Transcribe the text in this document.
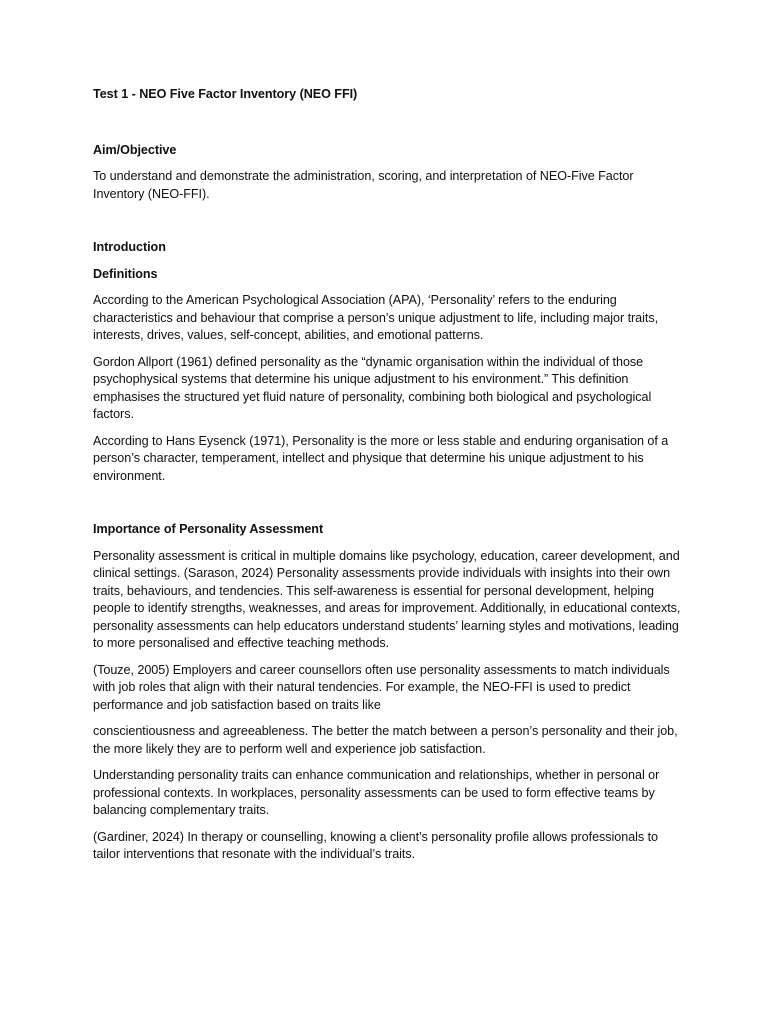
Test 1 - NEO Five Factor Inventory (NEO FFI)

Aim/Objective

To understand and demonstrate the administration, scoring, and interpretation of NEO-Five Factor Inventory (NEO-FFI).

Introduction

Definitions

According to the American Psychological Association (APA), ‘Personality’ refers to the enduring characteristics and behaviour that comprise a person’s unique adjustment to life, including major traits, interests, drives, values, self-concept, abilities, and emotional patterns.

Gordon Allport (1961) defined personality as the “dynamic organisation within the individual of those psychophysical systems that determine his unique adjustment to his environment.” This definition emphasises the structured yet fluid nature of personality, combining both biological and psychological factors.

According to Hans Eysenck (1971), Personality is the more or less stable and enduring organisation of a person’s character, temperament, intellect and physique that determine his unique adjustment to his environment.

Importance of Personality Assessment

Personality assessment is critical in multiple domains like psychology, education, career development, and clinical settings. (Sarason, 2024) Personality assessments provide individuals with insights into their own traits, behaviours, and tendencies. This self-awareness is essential for personal development, helping people to identify strengths, weaknesses, and areas for improvement. Additionally, in educational contexts, personality assessments can help educators understand students’ learning styles and motivations, leading to more personalised and effective teaching methods.

(Touze, 2005) Employers and career counsellors often use personality assessments to match individuals with job roles that align with their natural tendencies. For example, the NEO-FFI is used to predict performance and job satisfaction based on traits like

conscientiousness and agreeableness. The better the match between a person’s personality and their job, the more likely they are to perform well and experience job satisfaction.

Understanding personality traits can enhance communication and relationships, whether in personal or professional contexts. In workplaces, personality assessments can be used to form effective teams by balancing complementary traits.

(Gardiner, 2024) In therapy or counselling, knowing a client’s personality profile allows professionals to tailor interventions that resonate with the individual’s traits.
